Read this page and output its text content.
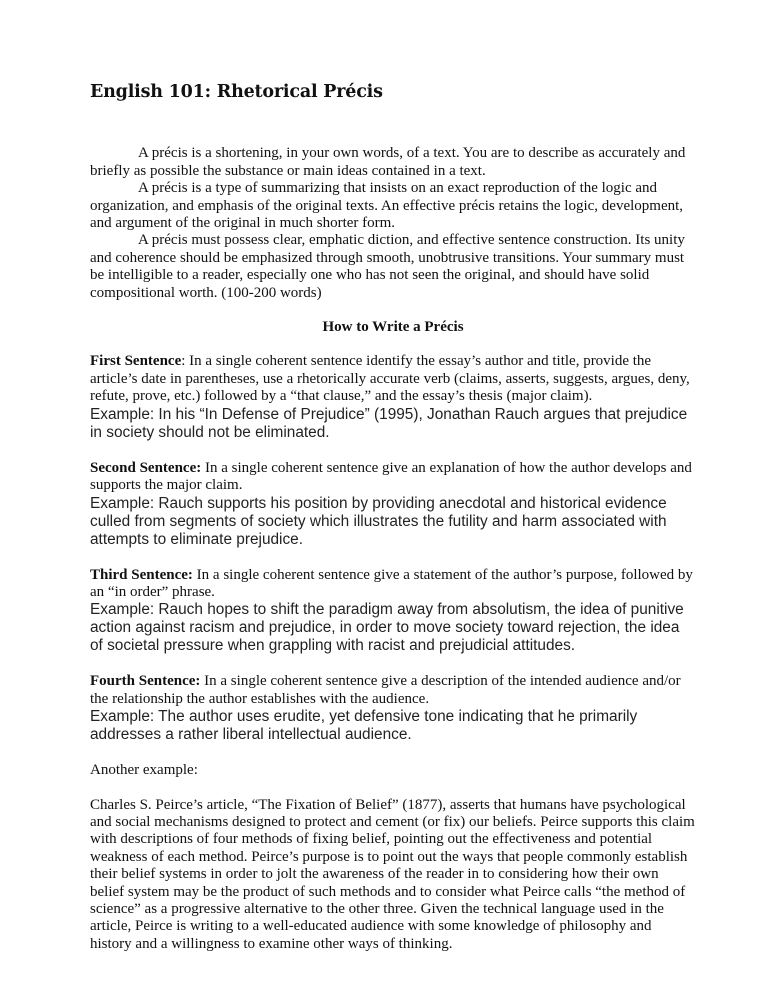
English 101: Rhetorical Précis

A précis is a shortening, in your own words, of a text. You are to describe as accurately and briefly as possible the substance or main ideas contained in a text.

A précis is a type of summarizing that insists on an exact reproduction of the logic and organization, and emphasis of the original texts. An effective précis retains the logic, development, and argument of the original in much shorter form.

A précis must possess clear, emphatic diction, and effective sentence construction. Its unity and coherence should be emphasized through smooth, unobtrusive transitions. Your summary must be intelligible to a reader, especially one who has not seen the original, and should have solid compositional worth. (100-200 words)

How to Write a Précis

First Sentence: In a single coherent sentence identify the essay’s author and title, provide the article’s date in parentheses, use a rhetorically accurate verb (claims, asserts, suggests, argues, deny, refute, prove, etc.) followed by a “that clause,” and the essay’s thesis (major claim).

Example: In his “In Defense of Prejudice” (1995), Jonathan Rauch argues that prejudice in society should not be eliminated.

Second Sentence: In a single coherent sentence give an explanation of how the author develops and supports the major claim.

Example: Rauch supports his position by providing anecdotal and historical evidence culled from segments of society which illustrates the futility and harm associated with attempts to eliminate prejudice.

Third Sentence: In a single coherent sentence give a statement of the author’s purpose, followed by an “in order” phrase.

Example: Rauch hopes to shift the paradigm away from absolutism, the idea of punitive action against racism and prejudice, in order to move society toward rejection, the idea of societal pressure when grappling with racist and prejudicial attitudes.

Fourth Sentence: In a single coherent sentence give a description of the intended audience and/or the relationship the author establishes with the audience.

Example: The author uses erudite, yet defensive tone indicating that he primarily addresses a rather liberal intellectual audience.

Another example:

Charles S. Peirce’s article, “The Fixation of Belief” (1877), asserts that humans have psychological and social mechanisms designed to protect and cement (or fix) our beliefs. Peirce supports this claim with descriptions of four methods of fixing belief, pointing out the effectiveness and potential weakness of each method. Peirce’s purpose is to point out the ways that people commonly establish their belief systems in order to jolt the awareness of the reader in to considering how their own belief system may be the product of such methods and to consider what Peirce calls “the method of science” as a progressive alternative to the other three. Given the technical language used in the article, Peirce is writing to a well-educated audience with some knowledge of philosophy and history and a willingness to examine other ways of thinking.
